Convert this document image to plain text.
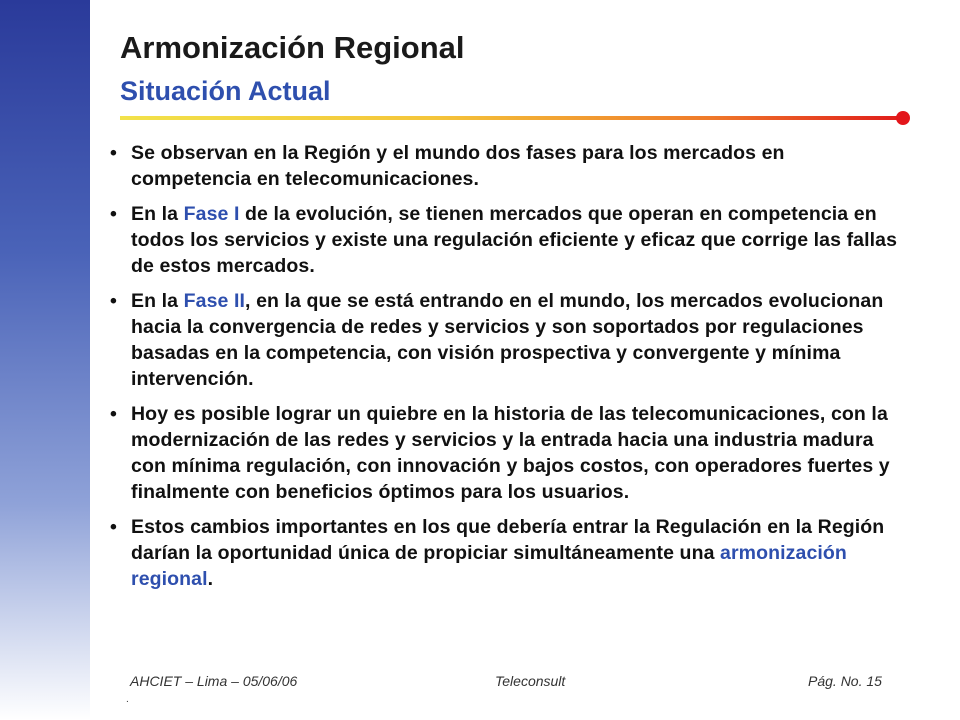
Armonización Regional
Situación Actual
• Se observan en la Región y el mundo dos fases para los mercados en competencia en telecomunicaciones.
• En la Fase I de la evolución, se tienen mercados que operan en competencia en todos los servicios y existe una regulación eficiente y eficaz que corrige las fallas de estos mercados.
• En la Fase II, en la que se está entrando en el mundo, los mercados evolucionan hacia la convergencia de redes y servicios y son soportados por regulaciones basadas en la competencia, con visión prospectiva y convergente y mínima intervención.
• Hoy es posible lograr un quiebre en la historia de las telecomunicaciones, con la modernización de las redes y servicios y la entrada hacia una industria madura con mínima regulación, con innovación y bajos costos, con operadores fuertes y finalmente con beneficios óptimos para los usuarios.
• Estos cambios importantes en los que debería entrar la Regulación en la Región darían la oportunidad única de propiciar simultáneamente una armonización regional.
AHCIET – Lima – 05/06/06	Teleconsult	Pág. No. 15
.
